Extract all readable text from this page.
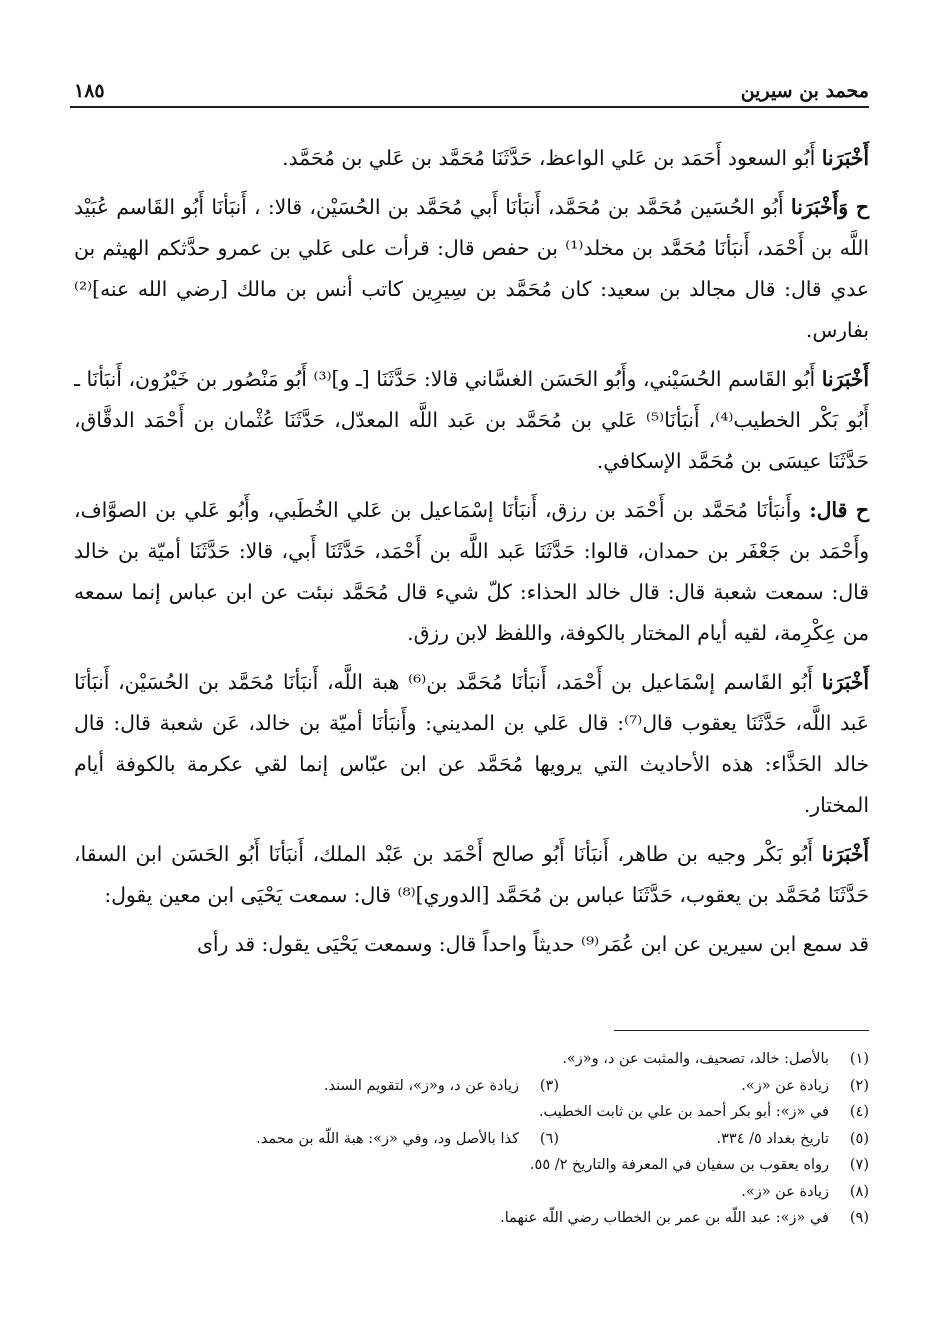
محمد بن سيرين
١٨٥

أَخْبَرَنا أَبُو السعود أَحَمَد بن عَلي الواعظ، حَدَّثَنَا مُحَمَّد بن عَلي بن مُحَمَّد.

ح وَأَخْبَرَنا أَبُو الحُسَين مُحَمَّد بن مُحَمَّد، أَنبَأنَا أَبي مُحَمَّد بن الحُسَيْن، قالا: ، أَنبَأنَا أَبُو القَاسم عُبَيْد اللَّه بن أَحْمَد، أَنبَأنَا مُحَمَّد بن مخلد⁽¹⁾ بن حفص قال: قرأت على عَلي بن عمرو حدَّثكم الهيثم بن عدي قال: قال مجالد بن سعيد: كان مُحَمَّد بن سِيرِين كاتب أنس بن مالك [رضي الله عنه]⁽²⁾ بفارس.

أَخْبَرَنا أَبُو القَاسم الحُسَيْني، وأَبُو الحَسَن الغسَّاني قالا: حَدَّثَنَا [ـ و]⁽³⁾ أَبُو مَنْصُور بن خَيْرُون، أَنبَأنَا ـ أَبُو بَكْر الخطيب⁽⁴⁾، أَنبَأنَا⁽⁵⁾ عَلي بن مُحَمَّد بن عَبد اللَّه المعدّل، حَدَّثَنَا عُثْمان بن أَحْمَد الدقَّاق، حَدَّثَنَا عيسَى بن مُحَمَّد الإسكافي.

ح قال: وأَنبَأنَا مُحَمَّد بن أَحْمَد بن رزق، أَنبَأنَا إسْمَاعيل بن عَلي الخُطَبي، وأَبُو عَلي بن الصوَّاف، وأَحْمَد بن جَعْفَر بن حمدان، قالوا: حَدَّثَنَا عَبد اللَّه بن أَحْمَد، حَدَّثَنَا أَبي، قالا: حَدَّثَنَا أميّة بن خالد قال: سمعت شعبة قال: قال خالد الحذاء: كلّ شيء قال مُحَمَّد نبئت عن ابن عباس إنما سمعه من عِكْرِمة، لقيه أيام المختار بالكوفة، واللفظ لابن رزق.

أَخْبَرَنا أَبُو القَاسم إسْمَاعيل بن أَحْمَد، أَنبَأنَا مُحَمَّد بن⁽⁶⁾ هبة اللَّه، أَنبَأنَا مُحَمَّد بن الحُسَيْن، أَنبَأنَا عَبد اللَّه، حَدَّثَنَا يعقوب قال⁽⁷⁾: قال عَلي بن المديني: وأَنبَأنَا أميّة بن خالد، عَن شعبة قال: قال خالد الحَذَّاء: هذه الأحاديث التي يرويها مُحَمَّد عن ابن عبّاس إنما لقي عكرمة بالكوفة أيام المختار.

أَخْبَرَنا أَبُو بَكْر وجيه بن طاهر، أَنبَأنَا أَبُو صالح أَحْمَد بن عَبْد الملك، أَنبَأنَا أَبُو الحَسَن ابن السقا، حَدَّثَنَا مُحَمَّد بن يعقوب، حَدَّثَنَا عباس بن مُحَمَّد [الدوري]⁽⁸⁾ قال: سمعت يَحْيَى ابن معين يقول:

قد سمع ابن سيرين عن ابن عُمَر⁽⁹⁾ حديثاً واحداً قال: وسمعت يَحْيَى يقول: قد رأى

(١)
بالأصل: خالد، تصحيف، والمثبت عن د، و«ز».
(٢)
زيادة عن «ز».
(٣)
زيادة عن د، و«ز»، لتقويم السند.
(٤)
في «ز»: أبو بكر أحمد بن علي بن ثابت الخطيب.
(٥)
تاريخ بغداد ٥/ ٣٣٤.
(٦)
كذا بالأصل ود، وفي «ز»: هبة اللّه بن محمد.
(٧)
رواه يعقوب بن سفيان في المعرفة والتاريخ ٢/ ٥٥.
(٨)
زيادة عن «ز».
(٩)
في «ز»: عبد اللّه بن عمر بن الخطاب رضي اللّه عنهما.
